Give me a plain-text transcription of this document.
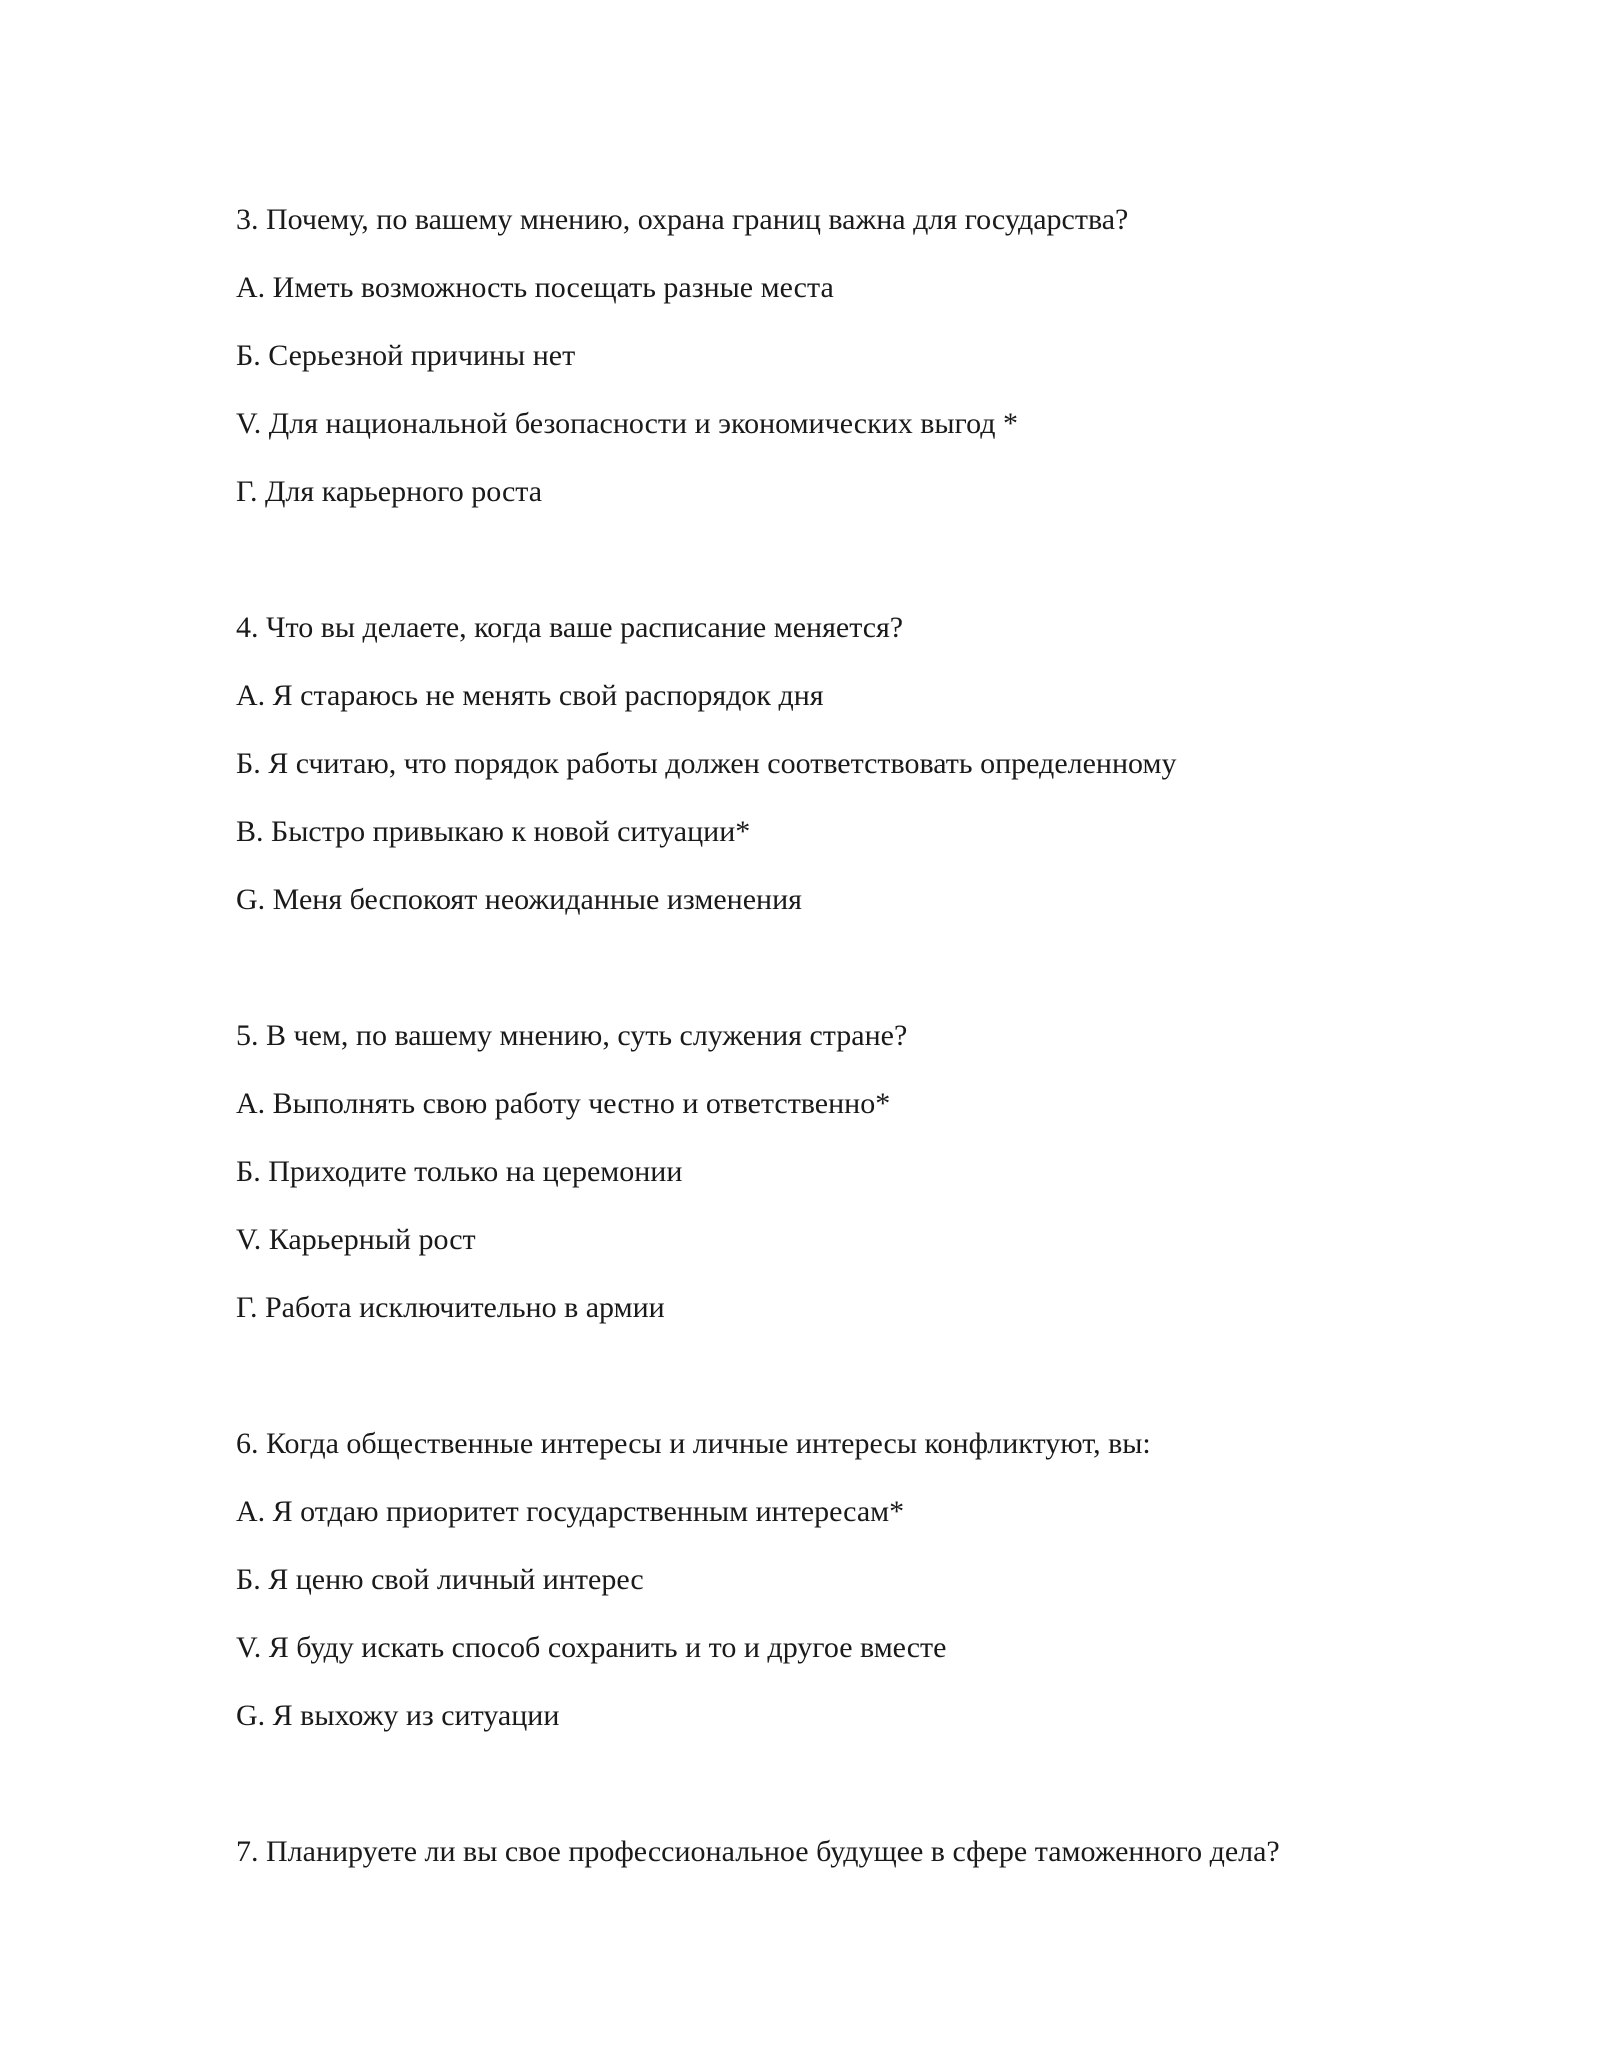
3. Почему, по вашему мнению, охрана границ важна для государства?
А. Иметь возможность посещать разные места
Б. Серьезной причины нет
V. Для национальной безопасности и экономических выгод *
Г. Для карьерного роста
4. Что вы делаете, когда ваше расписание меняется?
А. Я стараюсь не менять свой распорядок дня
Б. Я считаю, что порядок работы должен соответствовать определенному
В. Быстро привыкаю к новой ситуации*
G. Меня беспокоят неожиданные изменения
5. В чем, по вашему мнению, суть служения стране?
А. Выполнять свою работу честно и ответственно*
Б. Приходите только на церемонии
V. Карьерный рост
Г. Работа исключительно в армии
6. Когда общественные интересы и личные интересы конфликтуют, вы:
А. Я отдаю приоритет государственным интересам*
Б. Я ценю свой личный интерес
V. Я буду искать способ сохранить и то и другое вместе
G. Я выхожу из ситуации
7. Планируете ли вы свое профессиональное будущее в сфере таможенного дела?
